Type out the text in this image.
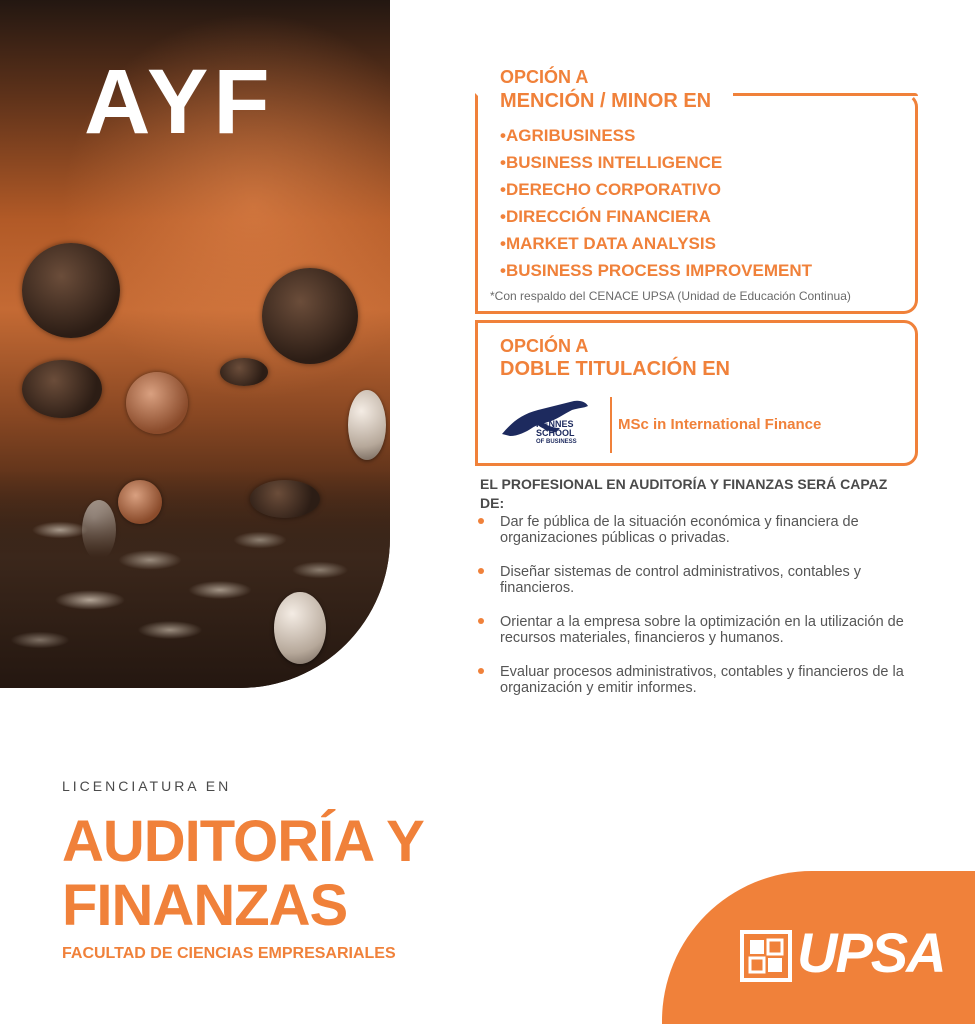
AYF	OPCIÓN A
MENCIÓN / MINOR EN
•AGRIBUSINESS
•BUSINESS INTELLIGENCE
•DERECHO CORPORATIVO
•DIRECCIÓN FINANCIERA
•MARKET DATA ANALYSIS
•BUSINESS PROCESS IMPROVEMENT
*Con respaldo del CENACE UPSA (Unidad de Educación Continua)
OPCIÓN A
DOBLE TITULACIÓN EN
RENNES
SCHOOL
OF BUSINESS
MSc in International Finance

EL PROFESIONAL EN AUDITORÍA Y FINANZAS SERÁ CAPAZ DE:

Dar fe pública de la situación económica y financiera de organizaciones públicas o privadas.
Diseñar sistemas de control administrativos, contables y financieros.
Orientar a la empresa sobre la optimización en la utilización de recursos materiales, financieros y humanos.
Evaluar procesos administrativos, contables y financieros de la organización y emitir informes.
LICENCIATURA EN
AUDITORÍA Y
FINANZAS
FACULTAD DE CIENCIAS EMPRESARIALES	UPSA
